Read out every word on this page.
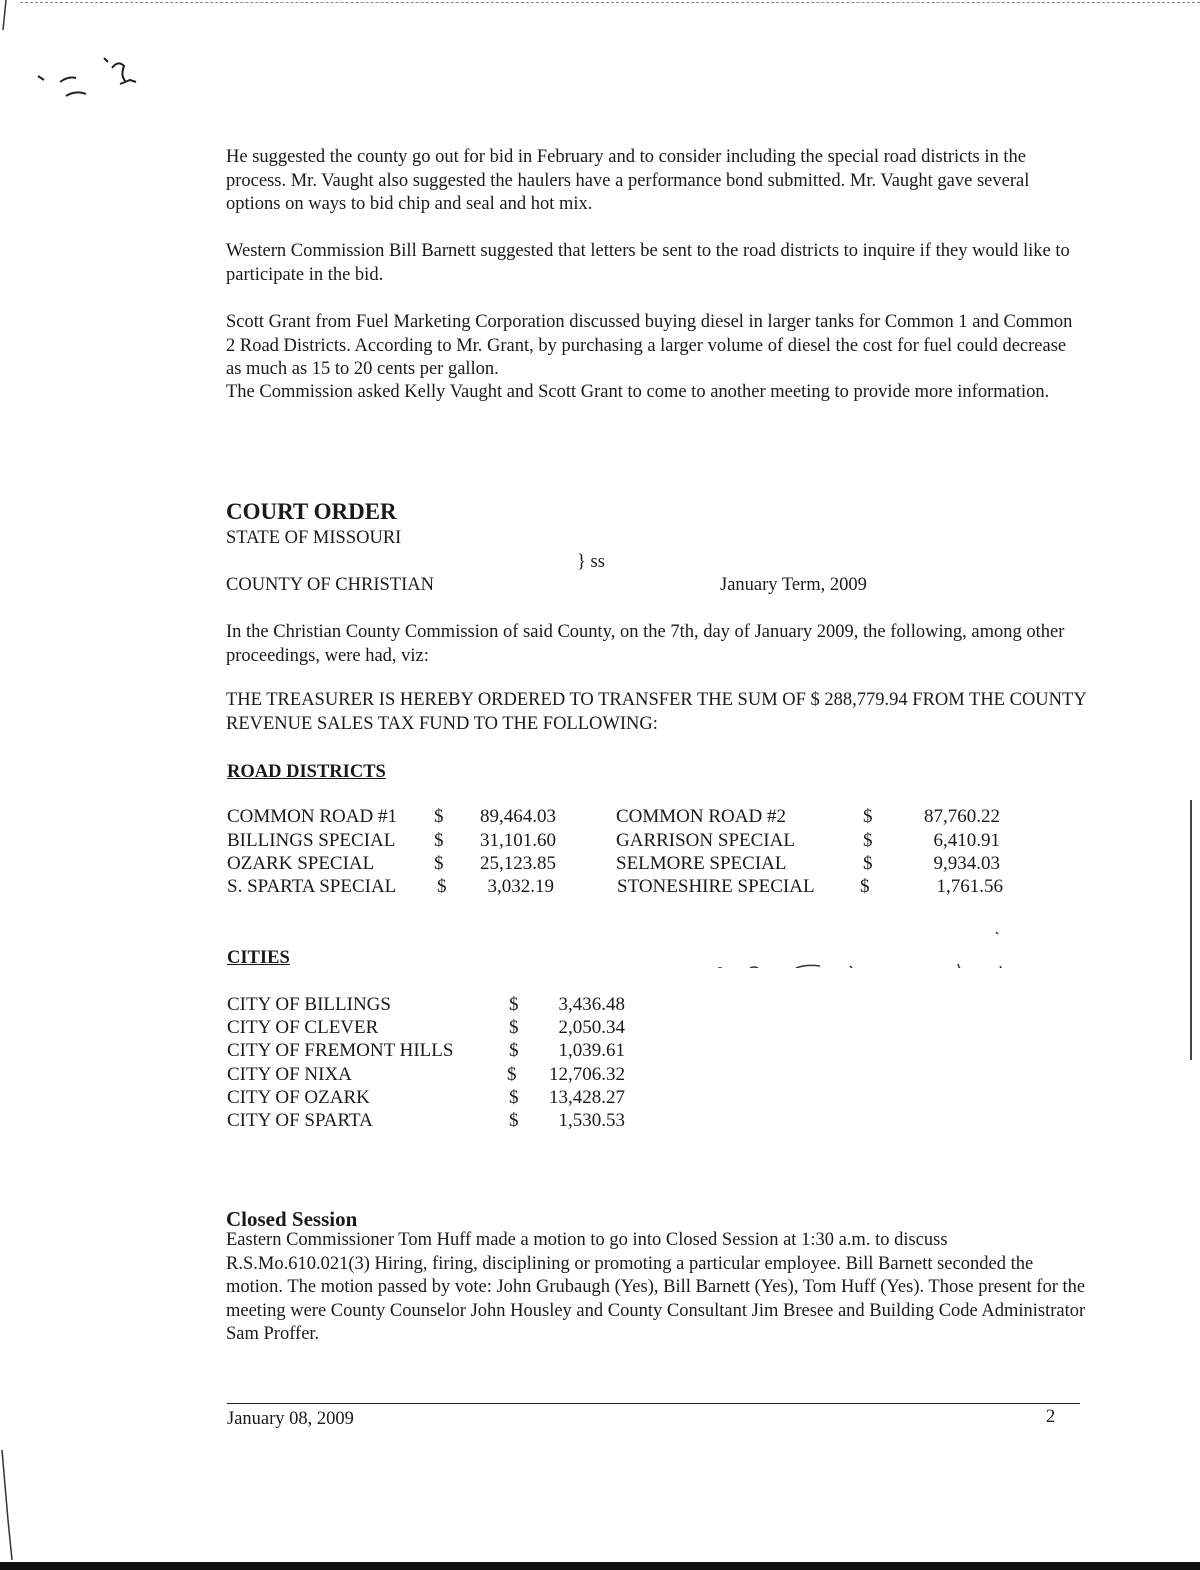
He suggested the county go out for bid in February and to consider including the special road districts in the process. Mr. Vaught also suggested the haulers have a performance bond submitted. Mr. Vaught gave several options on ways to bid chip and seal and hot mix.

Western Commission Bill Barnett suggested that letters be sent to the road districts to inquire if they would like to participate in the bid.

Scott Grant from Fuel Marketing Corporation discussed buying diesel in larger tanks for Common 1 and Common 2 Road Districts. According to Mr. Grant, by purchasing a larger volume of diesel the cost for fuel could decrease as much as 15 to 20 cents per gallon.

The Commission asked Kelly Vaught and Scott Grant to come to another meeting to provide more information.

COURT ORDER
STATE OF MISSOURI
} ss
COUNTY OF CHRISTIAN	January Term, 2009

In the Christian County Commission of said County, on the 7th, day of January 2009, the following, among other proceedings, were had, viz:

THE TREASURER IS HEREBY ORDERED TO TRANSFER THE SUM OF $ 288,779.94 FROM THE COUNTY REVENUE SALES TAX FUND TO THE FOLLOWING:

ROAD DISTRICTS
COMMON ROAD #1 $	89,464.03	COMMON ROAD #2	$	87,760.22
BILLINGS SPECIAL $	31,101.60	GARRISON SPECIAL	$	6,410.91
OZARK SPECIAL	$	25,123.85	SELMORE SPECIAL	$	9,934.03
S. SPARTA SPECIAL $	3,032.19	STONESHIRE SPECIAL $	1,761.56
CITIES
CITY OF BILLINGS	$	3,436.48
CITY OF CLEVER	$	2,050.34
CITY OF FREMONT HILLS	$	1,039.61
CITY OF NIXA	$	12,706.32
CITY OF OZARK	$	13,428.27
CITY OF SPARTA	$	1,530.53
Closed Session

Eastern Commissioner Tom Huff made a motion to go into Closed Session at 1:30 a.m. to discuss R.S.Mo.610.021(3) Hiring, firing, disciplining or promoting a particular employee. Bill Barnett seconded the motion. The motion passed by vote: John Grubaugh (Yes), Bill Barnett (Yes), Tom Huff (Yes). Those present for the meeting were County Counselor John Housley and County Consultant Jim Bresee and Building Code Administrator Sam Proffer.

January 08, 2009	2
